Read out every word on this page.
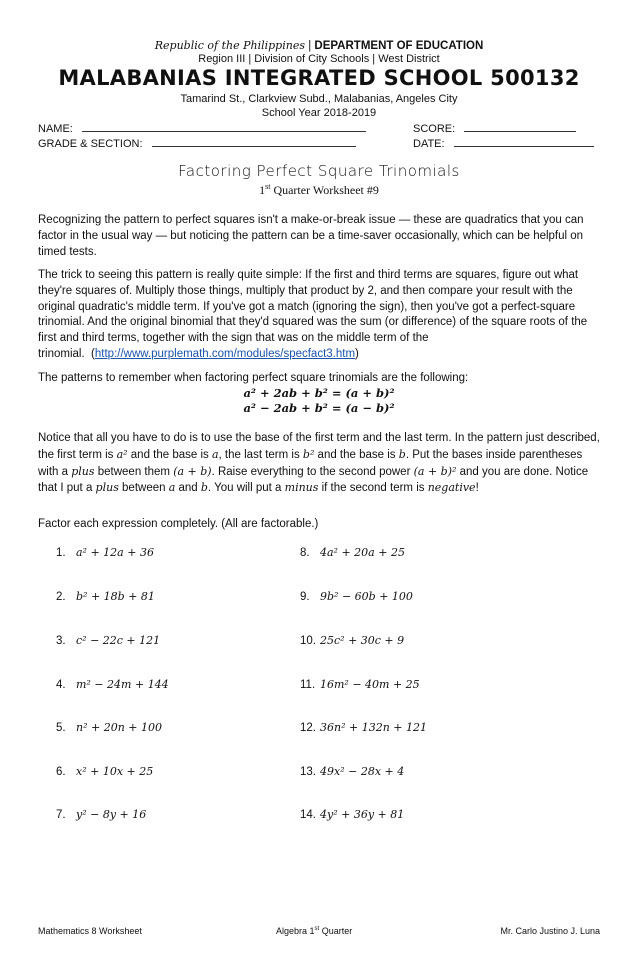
Republic of the Philippines | DEPARTMENT OF EDUCATION
Region III | Division of City Schools | West District
MALABANIAS INTEGRATED SCHOOL 500132
Tamarind St., Clarkview Subd., Malabanias, Angeles City
School Year 2018-2019
NAME:	SCORE:
GRADE & SECTION:	DATE:
Factoring Perfect Square Trinomials
1st Quarter Worksheet #9
Recognizing the pattern to perfect squares isn't a make-or-break issue — these are quadratics that you can factor in the usual way — but noticing the pattern can be a time-saver occasionally, which can be helpful on timed tests.
The trick to seeing this pattern is really quite simple: If the first and third terms are squares, figure out what they're squares of. Multiply those things, multiply that product by 2, and then compare your result with the original quadratic's middle term. If you've got a match (ignoring the sign), then you've got a perfect-square trinomial. And the original binomial that they'd squared was the sum (or difference) of the square roots of the first and third terms, together with the sign that was on the middle term of the trinomial.  (http://www.purplemath.com/modules/specfact3.htm)
The patterns to remember when factoring perfect square trinomials are the following:
a² + 2ab + b² = (a + b)²
a² − 2ab + b² = (a − b)²
Notice that all you have to do is to use the base of the first term and the last term. In the pattern just described, the first term is a² and the base is a, the last term is b² and the base is b. Put the bases inside parentheses with a plus between them (a + b). Raise everything to the second power (a + b)² and you are done. Notice that I put a plus between a and b. You will put a minus if the second term is negative!
Factor each expression completely. (All are factorable.)
1. a² + 12a + 36
2. b² + 18b + 81
3. c² − 22c + 121
4. m² − 24m + 144
5. n² + 20n + 100
6. x² + 10x + 25
7. y² − 8y + 16
8. 4a² + 20a + 25
9. 9b² − 60b + 100
10. 25c² + 30c + 9
11. 16m² − 40m + 25
12. 36n² + 132n + 121
13. 49x² − 28x + 4
14. 4y² + 36y + 81
Mathematics 8 Worksheet	Algebra 1st Quarter	Mr. Carlo Justino J. Luna
